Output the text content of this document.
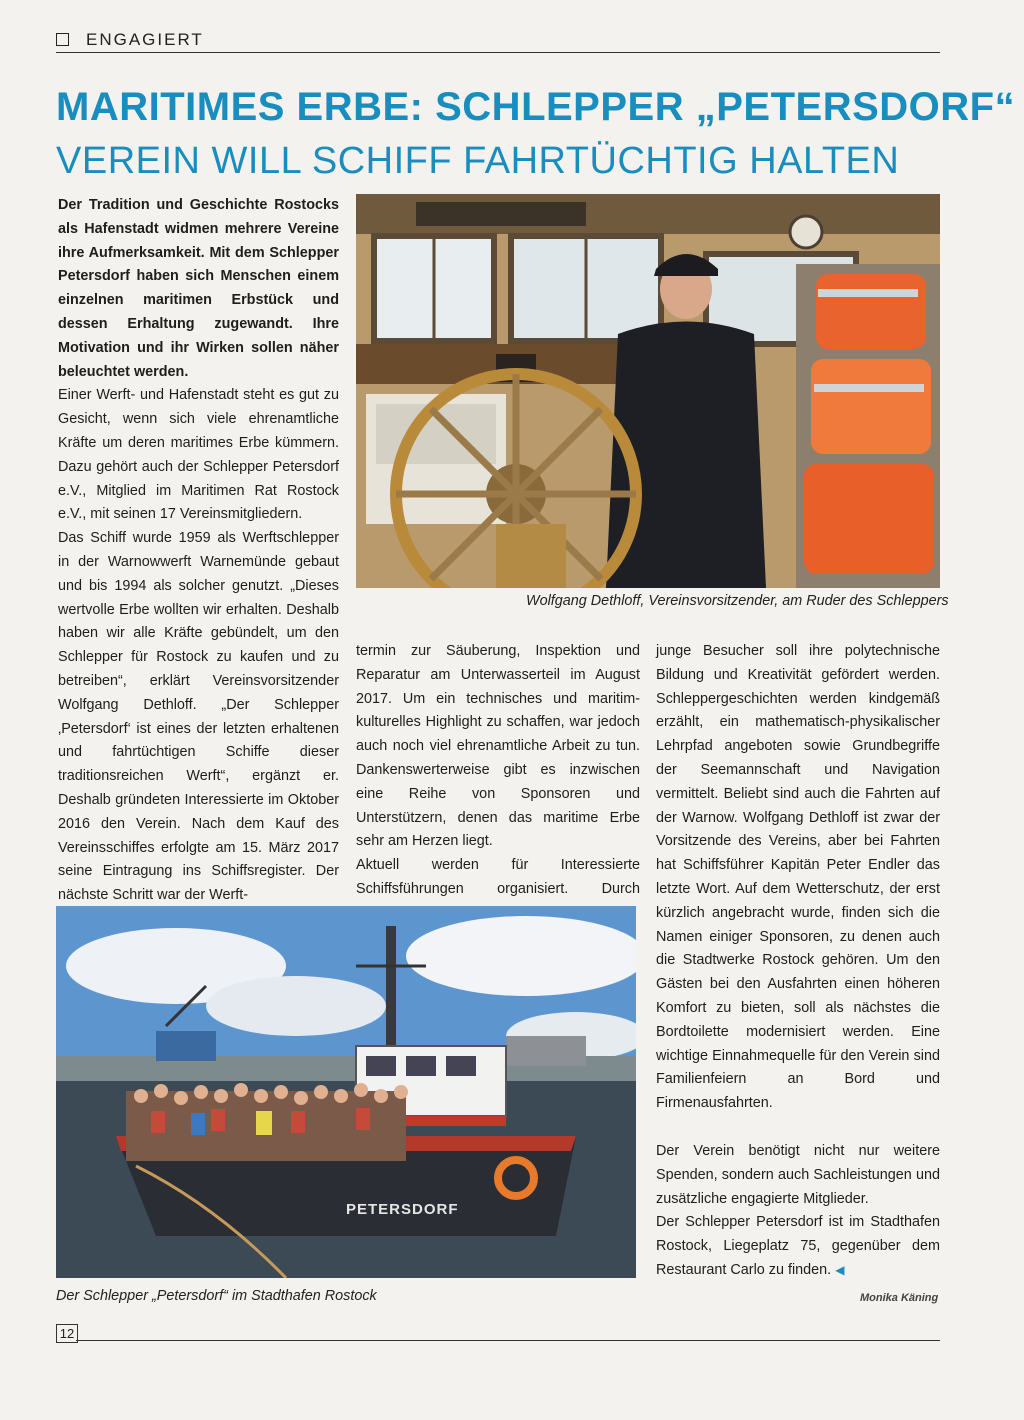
ENGAGIERT
MARITIMES ERBE: SCHLEPPER „PETERSDORF“
VEREIN WILL SCHIFF FAHRTÜCHTIG HALTEN

Der Tradition und Geschichte Rostocks als Hafenstadt widmen mehrere Vereine ihre Aufmerksamkeit. Mit dem Schlepper Petersdorf haben sich Menschen einem einzelnen maritimen Erbstück und dessen Erhaltung zugewandt. Ihre Motivation und ihr Wirken sollen näher beleuchtet werden.

Einer Werft- und Hafenstadt steht es gut zu Gesicht, wenn sich viele ehrenamtliche Kräfte um deren maritimes Erbe kümmern. Dazu gehört auch der Schlepper Petersdorf e.V., Mitglied im Maritimen Rat Rostock e.V., mit seinen 17 Vereinsmitgliedern.

Das Schiff wurde 1959 als Werftschlepper in der Warnowwerft Warnemünde gebaut und bis 1994 als solcher genutzt. „Dieses wertvolle Erbe wollten wir erhalten. Deshalb haben wir alle Kräfte gebündelt, um den Schlepper für Rostock zu kaufen und zu betreiben“, erklärt Vereinsvorsitzender Wolfgang Dethloff. „Der Schlepper ‚Petersdorf‘ ist eines der letzten erhaltenen und fahrtüchtigen Schiffe dieser traditionsreichen Werft“, ergänzt er. Deshalb gründeten Interessierte im Oktober 2016 den Verein. Nach dem Kauf des Vereinsschiffes erfolgte am 15. März 2017 seine Eintragung ins Schiffsregister. Der nächste Schritt war der Werft-

Wolfgang Dethloff, Vereinsvorsitzender, am Ruder des Schleppers

termin zur Säuberung, Inspektion und Reparatur am Unterwasserteil im August 2017. Um ein technisches und maritim-kulturelles Highlight zu schaffen, war jedoch auch noch viel ehrenamtliche Arbeit zu tun. Dankenswerterweise gibt es inzwischen eine Reihe von Sponsoren und Unterstützern, denen das maritime Erbe sehr am Herzen liegt.

Aktuell werden für Interessierte Schiffsführungen organisiert. Durch

junge Besucher soll ihre polytechnische Bildung und Kreativität gefördert werden. Schleppergeschichten werden kindgemäß erzählt, ein mathematisch-physikalischer Lehrpfad angeboten sowie Grundbegriffe der Seemannschaft und Navigation vermittelt. Beliebt sind auch die Fahrten auf der Warnow. Wolfgang Dethloff ist zwar der Vorsitzende des Vereins, aber bei Fahrten hat Schiffsführer Kapitän Peter Endler das letzte Wort. Auf dem Wetterschutz, der erst kürzlich angebracht wurde, finden sich die Namen einiger Sponsoren, zu denen auch die Stadtwerke Rostock gehören. Um den Gästen bei den Ausfahrten einen höheren Komfort zu bieten, soll als nächstes die Bordtoilette modernisiert werden. Eine wichtige Einnahmequelle für den Verein sind Familienfeiern an Bord und Firmenausfahrten.

Der Verein benötigt nicht nur weitere Spenden, sondern auch Sachleistungen und zusätzliche engagierte Mitglieder.

Der Schlepper Petersdorf ist im Stadthafen Rostock, Liegeplatz 75, gegenüber dem Restaurant Carlo zu finden. ◀

PETERSDORF
Der Schlepper „Petersdorf“ im Stadthafen Rostock	Monika Käning
12
